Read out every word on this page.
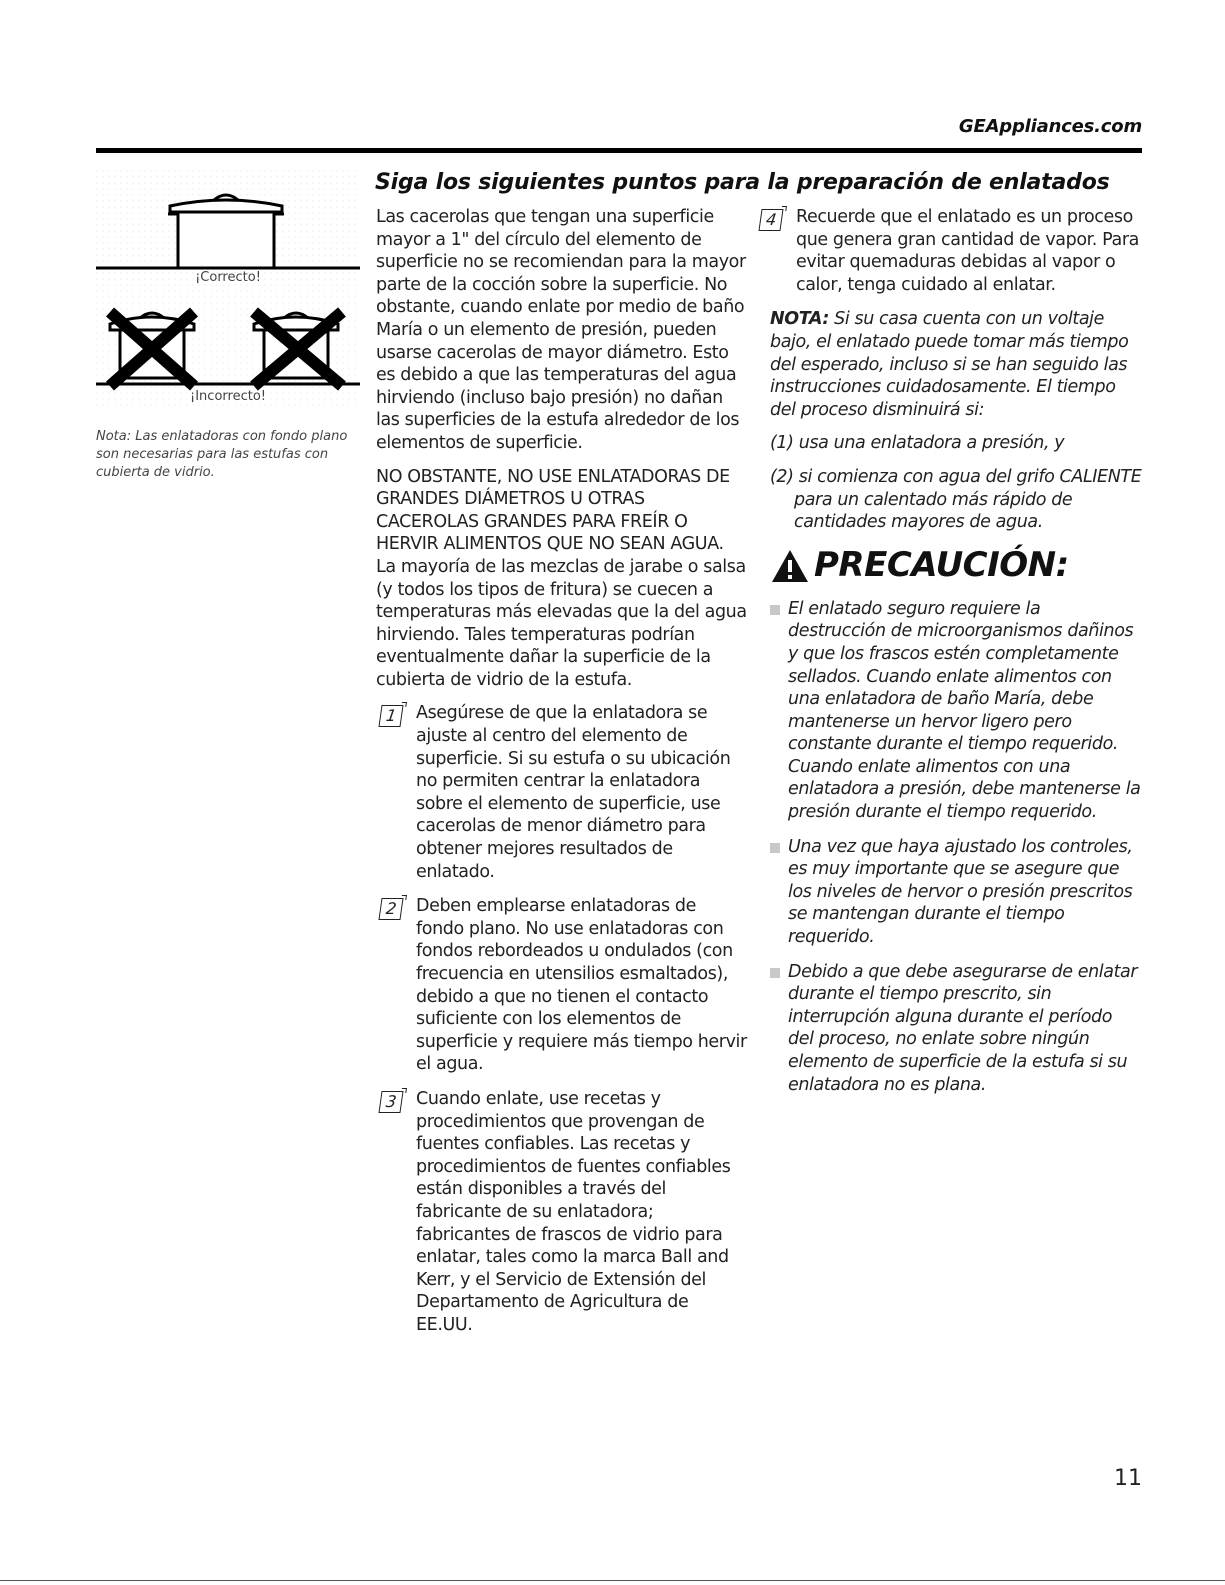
GEAppliances.com
¡Correcto!
¡Incorrecto!
Nota: Las enlatadoras con fondo plano son necesarias para las estufas con cubierta de vidrio.
Siga los siguientes puntos para la preparación de enlatados

Las cacerolas que tengan una superficie mayor a 1" del círculo del elemento de superficie no se recomiendan para la mayor parte de la cocción sobre la superficie. No obstante, cuando enlate por medio de baño María o un elemento de presión, pueden usarse cacerolas de mayor diámetro. Esto es debido a que las temperaturas del agua hirviendo (incluso bajo presión) no dañan las superficies de la estufa alrededor de los elementos de superficie.

NO OBSTANTE, NO USE ENLATADORAS DE GRANDES DIÁMETROS U OTRAS CACEROLAS GRANDES PARA FREÍR O HERVIR ALIMENTOS QUE NO SEAN AGUA. La mayoría de las mezclas de jarabe o salsa (y todos los tipos de fritura) se cuecen a temperaturas más elevadas que la del agua hirviendo. Tales temperaturas podrían eventualmente dañar la superficie de la cubierta de vidrio de la estufa.

1	Asegúrese de que la enlatadora se ajuste al centro del elemento de superficie. Si su estufa o su ubicación no permiten centrar la enlatadora sobre el elemento de superficie, use cacerolas de menor diámetro para obtener mejores resultados de enlatado.
2	Deben emplearse enlatadoras de fondo plano. No use enlatadoras con fondos rebordeados u ondulados (con frecuencia en utensilios esmaltados), debido a que no tienen el contacto suficiente con los elementos de superficie y requiere más tiempo hervir el agua.
3	Cuando enlate, use recetas y procedimientos que provengan de fuentes confiables. Las recetas y procedimientos de fuentes confiables están disponibles a través del fabricante de su enlatadora; fabricantes de frascos de vidrio para enlatar, tales como la marca Ball and Kerr, y el Servicio de Extensión del Departamento de Agricultura de EE.UU.
4	Recuerde que el enlatado es un proceso que genera gran cantidad de vapor. Para evitar quemaduras debidas al vapor o calor, tenga cuidado al enlatar.

NOTA: Si su casa cuenta con un voltaje bajo, el enlatado puede tomar más tiempo del esperado, incluso si se han seguido las instrucciones cuidadosamente. El tiempo del proceso disminuirá si:

(1) usa una enlatadora a presión, y

(2) si comienza con agua del grifo CALIENTE para un calentado más rápido de cantidades mayores de agua.

PRECAUCIÓN:
El enlatado seguro requiere la destrucción de microorganismos dañinos y que los frascos estén completamente sellados. Cuando enlate alimentos con una enlatadora de baño María, debe mantenerse un hervor ligero pero constante durante el tiempo requerido. Cuando enlate alimentos con una enlatadora a presión, debe mantenerse la presión durante el tiempo requerido.
Una vez que haya ajustado los controles, es muy importante que se asegure que los niveles de hervor o presión prescritos se mantengan durante el tiempo requerido.
Debido a que debe asegurarse de enlatar durante el tiempo prescrito, sin interrupción alguna durante el período del proceso, no enlate sobre ningún elemento de superficie de la estufa si su enlatadora no es plana.
11
